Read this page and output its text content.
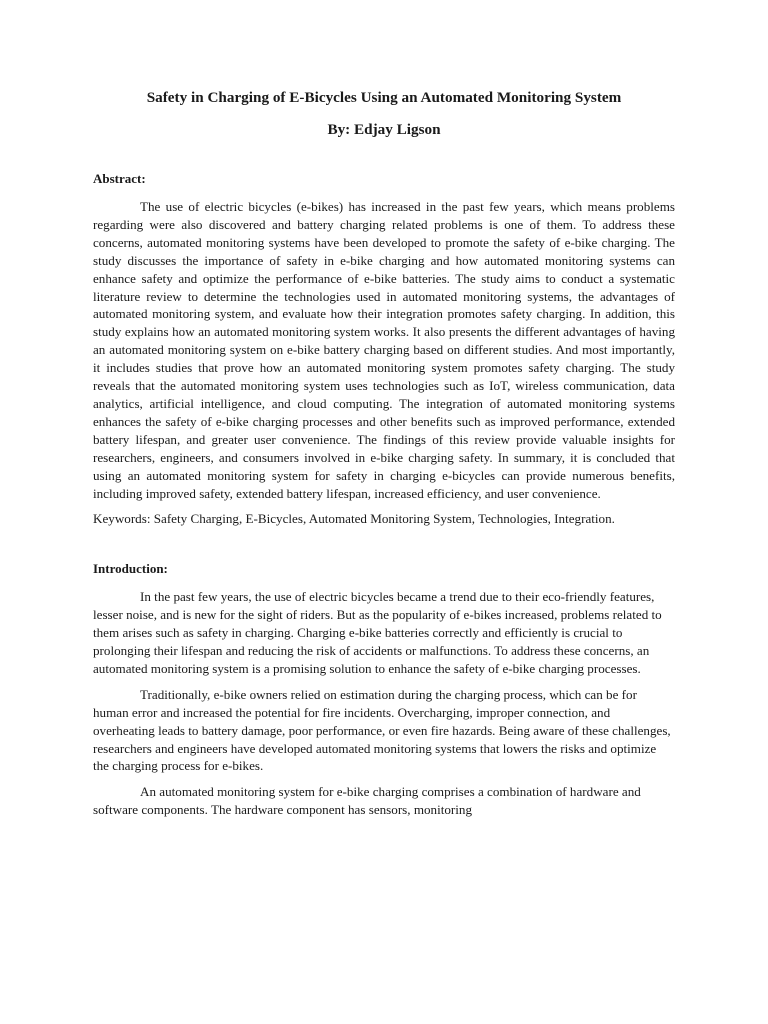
Safety in Charging of E-Bicycles Using an Automated Monitoring System

By: Edjay Ligson

Abstract:

The use of electric bicycles (e-bikes) has increased in the past few years, which means problems regarding were also discovered and battery charging related problems is one of them. To address these concerns, automated monitoring systems have been developed to promote the safety of e-bike charging. The study discusses the importance of safety in e-bike charging and how automated monitoring systems can enhance safety and optimize the performance of e-bike batteries. The study aims to conduct a systematic literature review to determine the technologies used in automated monitoring systems, the advantages of automated monitoring system, and evaluate how their integration promotes safety charging. In addition, this study explains how an automated monitoring system works. It also presents the different advantages of having an automated monitoring system on e-bike battery charging based on different studies. And most importantly, it includes studies that prove how an automated monitoring system promotes safety charging. The study reveals that the automated monitoring system uses technologies such as IoT, wireless communication, data analytics, artificial intelligence, and cloud computing. The integration of automated monitoring systems enhances the safety of e-bike charging processes and other benefits such as improved performance, extended battery lifespan, and greater user convenience. The findings of this review provide valuable insights for researchers, engineers, and consumers involved in e-bike charging safety. In summary, it is concluded that using an automated monitoring system for safety in charging e-bicycles can provide numerous benefits, including improved safety, extended battery lifespan, increased efficiency, and user convenience.

Keywords: Safety Charging, E-Bicycles, Automated Monitoring System, Technologies, Integration.

Introduction:

In the past few years, the use of electric bicycles became a trend due to their eco-friendly features, lesser noise, and is new for the sight of riders. But as the popularity of e-bikes increased, problems related to them arises such as safety in charging. Charging e-bike batteries correctly and efficiently is crucial to prolonging their lifespan and reducing the risk of accidents or malfunctions. To address these concerns, an automated monitoring system is a promising solution to enhance the safety of e-bike charging processes.

Traditionally, e-bike owners relied on estimation during the charging process, which can be for human error and increased the potential for fire incidents. Overcharging, improper connection, and overheating leads to battery damage, poor performance, or even fire hazards. Being aware of these challenges, researchers and engineers have developed automated monitoring systems that lowers the risks and optimize the charging process for e-bikes.

An automated monitoring system for e-bike charging comprises a combination of hardware and software components. The hardware component has sensors, monitoring
